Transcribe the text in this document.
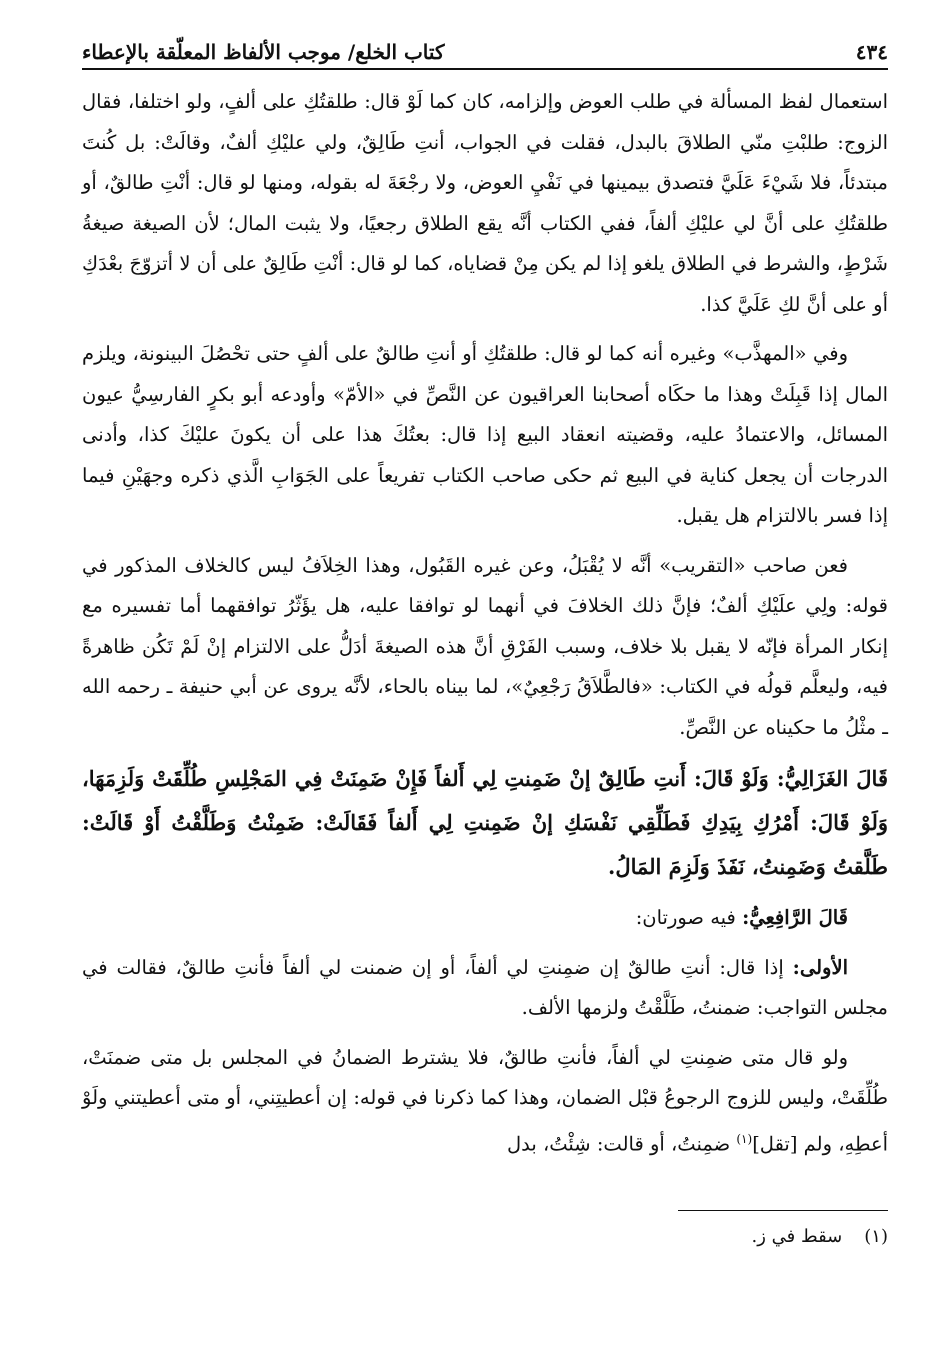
٤٣٤
كتاب الخلع/ موجب الألفاظ المعلّقة بالإعطاء

استعمال لفظ المسألة في طلب العوض وإلزامه، كان كما لَوْ قال: طلقتُكِ على ألفٍ، ولو اختلفا، فقال الزوج: طلبْتِ منّي الطلاقَ بالبدل، فقلت في الجواب، أنتِ طَالِقٌ، ولي عليْكِ ألفٌ، وقالَتْ: بل كُنتَ مبتدئاً، فلا شَيْءَ عَلَيَّ فتصدق بيمينها في نَفْيِ العوض، ولا رجْعَةَ له بقوله، ومنها لو قال: أنْتِ طالقٌ، أو طلقتُكِ على أنَّ لي عليْكِ ألفاً، ففي الكتاب أنَّه يقع الطلاق رجعيًا، ولا يثبت المال؛ لأن الصيغة صيغةُ شَرْطٍ، والشرط في الطلاق يلغو إذا لم يكن مِنْ قضاياه، كما لو قال: أنْتِ طَالِقٌ على أن لا أتزوّجَ بعْدَكِ أو على أنَّ لكِ عَلَيَّ كذا.

وفي «المهذَّب» وغيره أنه كما لو قال: طلقتُكِ أو أنتِ طالقٌ على ألفٍ حتى تحْصُلَ البينونة، ويلزم المال إذا قَبِلَتْ وهذا ما حكَاه أصحابنا العراقيون عن النَّصِّ في «الأمّ» وأودعه أبو بكرٍ الفارسِيُّ عيون المسائل، والاعتمادُ عليه، وقضيته انعقاد البيع إذا قال: بعتُكَ هذا على أن يكونَ عليْكَ كذا، وأدنى الدرجات أن يجعل كناية في البيع ثم حكى صاحب الكتاب تفريعاً على الجَوَابِ الَّذي ذكره وجهَيْنِ فيما إذا فسر بالالتزام هل يقبل.

فعن صاحب «التقريب» أنَّه لا يُقْبَلُ، وعن غيره القَبُول، وهذا الخِلاَفُ ليس كالخلاف المذكور في قوله: ولِي علَيْكِ ألفٌ؛ فإنَّ ذلك الخلافَ في أنهما لو توافقا عليه، هل يؤَثّرُ توافقهما أما تفسيره مع إنكار المرأة فإنّه لا يقبل بلا خلاف، وسبب الفَرْقِ أنَّ هذه الصيغةَ أدَلُّ على الالتزام إنْ لَمْ تَكُن ظاهرةً فيه، وليعلَّم قولُه في الكتاب: «فالطَّلاَقُ رَجْعِيٌ»، لما بيناه بالحاء، لأنَّه يروى عن أبي حنيفة ـ رحمه الله ـ مثْلُ ما حكيناه عن النَّصِّ.

قَالَ الغَزَالِيُّ: وَلَوْ قَالَ: أَنتِ طَالِقٌ إنْ ضَمِنتِ لِي أَلفاً فَإِنْ ضَمِنَتْ فِي المَجْلِسِ طُلِّقَتْ وَلَزِمَهَا، وَلَوْ قَالَ: أَمْرُكِ بِيَدِكِ فَطَلِّقِي نَفْسَكِ إنْ ضَمِنتِ لِي أَلفاً فَقَالَتْ: ضَمِنْتُ وَطَلَّقْتُ أَوْ قَالَتْ: طَلَّقتُ وَضَمِنتُ، نَفَذَ وَلَزِمَ المَالُ.

قَالَ الرَّافِعِيُّ: فيه صورتان:

الأولى: إذا قال: أنتِ طالقٌ إن ضمِنتِ لي ألفاً، أو إن ضمنت لي ألفاً فأنتِ طالقٌ، فقالت في مجلس التواجب: ضمنتُ، طَلَّقْتُ ولزمها الألف.

ولو قال متى ضمِنتِ لي ألفاً، فأنتِ طالقٌ، فلا يشترط الضمانُ في المجلس بل متى ضمنَتْ، طُلِّقَتْ، وليس للزوج الرجوعُ قبْل الضمان، وهذا كما ذكرنا في قوله: إن أعطيتِني، أو متى أعطيتني ولَوْ أعطِهِ، ولم [تقل]$^{(١)}$ ضمِنتُ، أو قالت: شِئْتُ، بدل

(١)سقط في ز.
